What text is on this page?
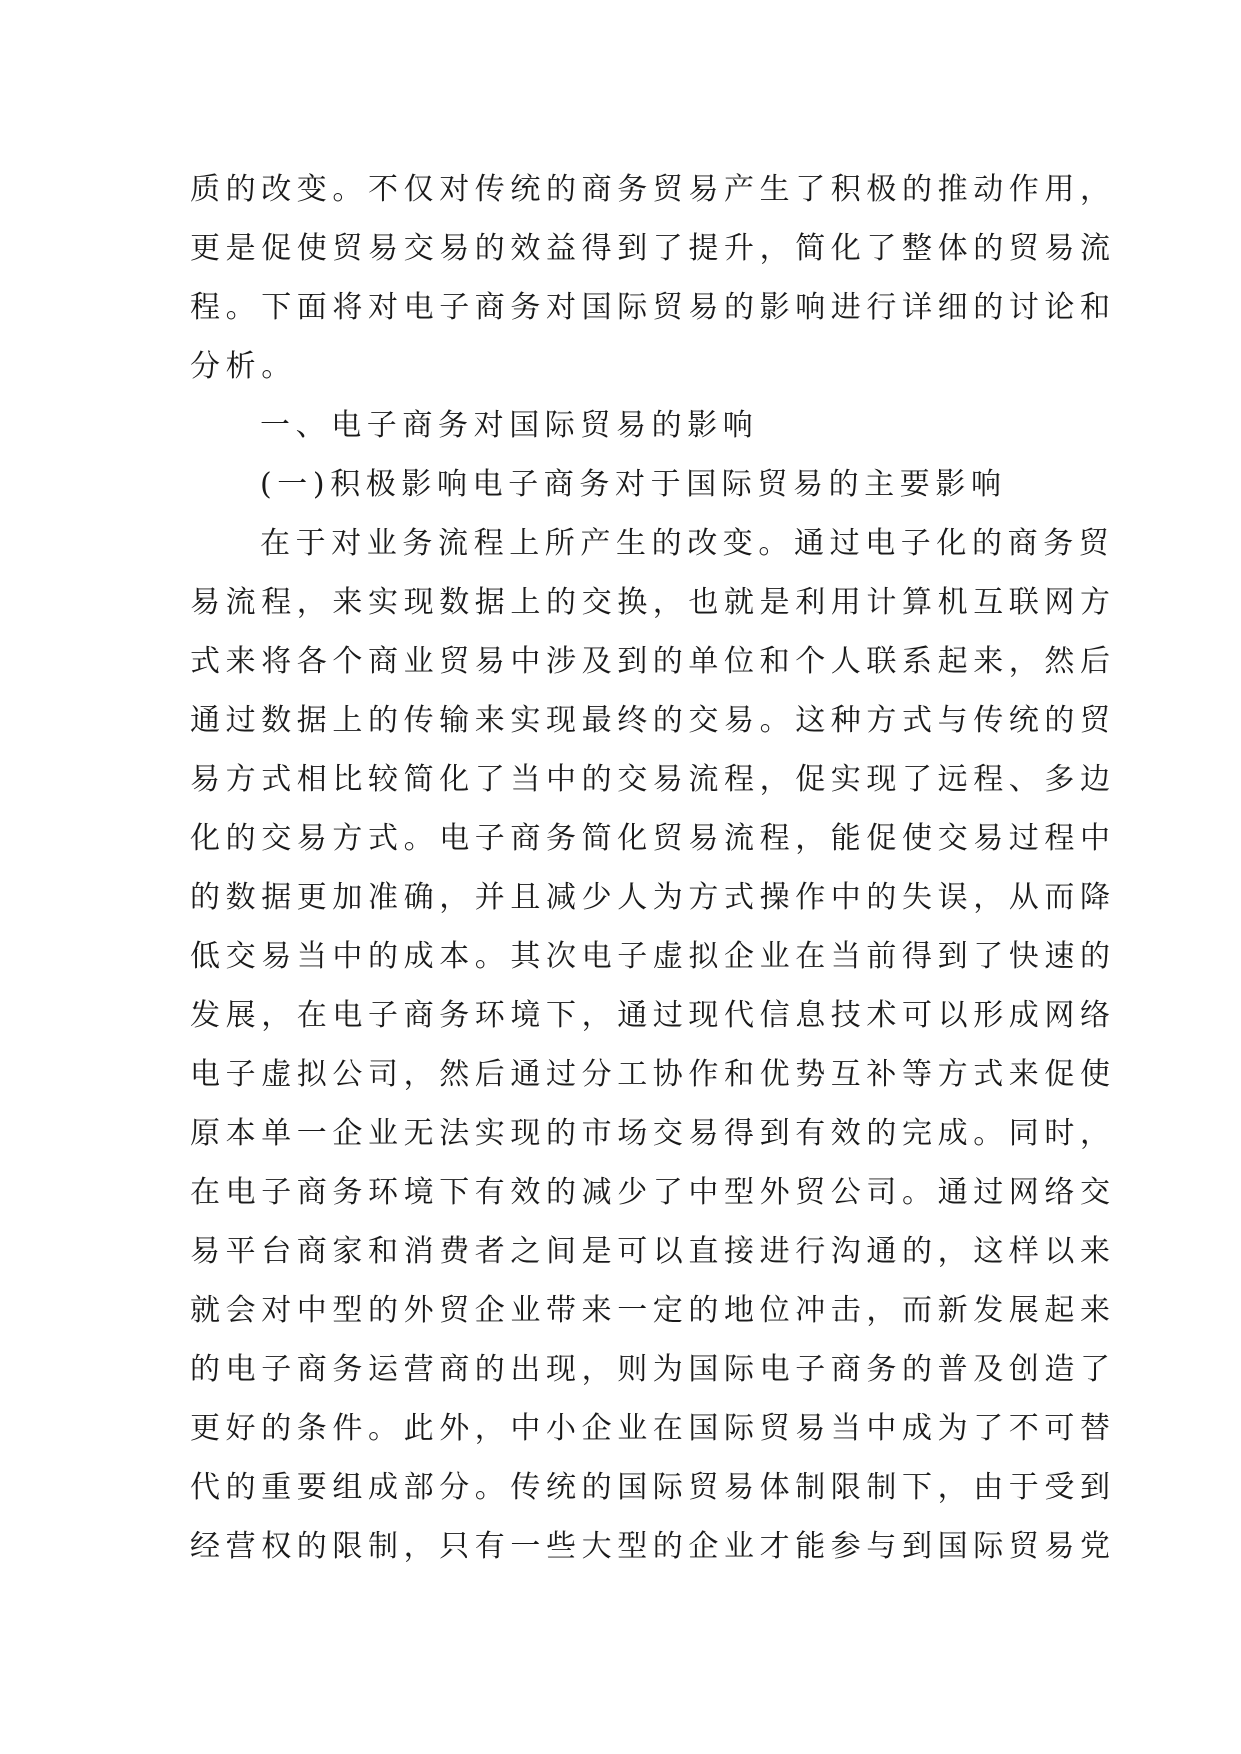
质的改变。不仅对传统的商务贸易产生了积极的推动作用，

更是促使贸易交易的效益得到了提升，简化了整体的贸易流

程。下面将对电子商务对国际贸易的影响进行详细的讨论和

分析。

一、电子商务对国际贸易的影响

(一)积极影响电子商务对于国际贸易的主要影响

在于对业务流程上所产生的改变。通过电子化的商务贸

易流程，来实现数据上的交换，也就是利用计算机互联网方

式来将各个商业贸易中涉及到的单位和个人联系起来，然后

通过数据上的传输来实现最终的交易。这种方式与传统的贸

易方式相比较简化了当中的交易流程，促实现了远程、多边

化的交易方式。电子商务简化贸易流程，能促使交易过程中

的数据更加准确，并且减少人为方式操作中的失误，从而降

低交易当中的成本。其次电子虚拟企业在当前得到了快速的

发展，在电子商务环境下，通过现代信息技术可以形成网络

电子虚拟公司，然后通过分工协作和优势互补等方式来促使

原本单一企业无法实现的市场交易得到有效的完成。同时，

在电子商务环境下有效的减少了中型外贸公司。通过网络交

易平台商家和消费者之间是可以直接进行沟通的，这样以来

就会对中型的外贸企业带来一定的地位冲击，而新发展起来

的电子商务运营商的出现，则为国际电子商务的普及创造了

更好的条件。此外，中小企业在国际贸易当中成为了不可替

代的重要组成部分。传统的国际贸易体制限制下，由于受到

经营权的限制，只有一些大型的企业才能参与到国际贸易党
